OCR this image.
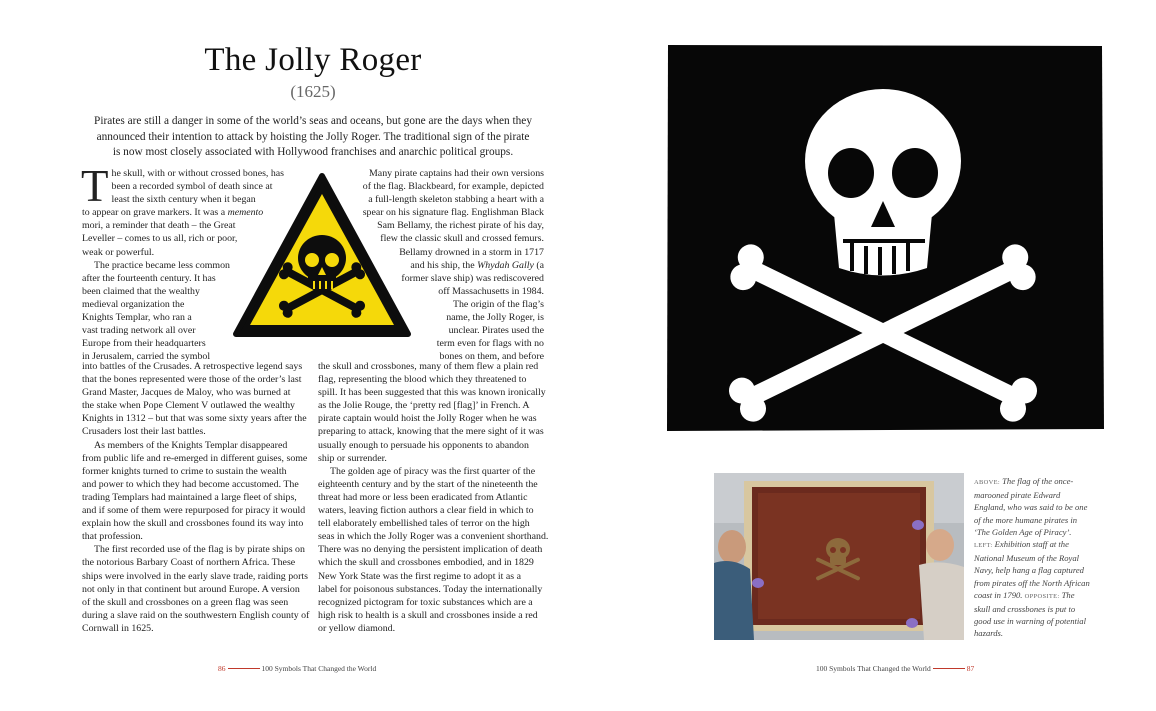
The Jolly Roger
(1625)
Pirates are still a danger in some of the world’s seas and oceans, but gone are the days when they
announced their intention to attack by hoisting the Jolly Roger. The traditional sign of the pirate
is now most closely associated with Hollywood franchises and anarchic political groups.

T he skull, with or without crossed bones, has
been a recorded symbol of death since at
least the sixth century when it began
to appear on grave markers. It was a memento
mori, a reminder that death – the Great
Leveller – comes to us all, rich or poor,
weak or powerful.

The practice became less common
after the fourteenth century. It has
been claimed that the wealthy
medieval organization the
Knights Templar, who ran a
vast trading network all over
Europe from their headquarters
in Jerusalem, carried the symbol
Many pirate captains had their own versions
of the flag. Blackbeard, for example, depicted
a full-length skeleton stabbing a heart with a
spear on his signature flag. Englishman Black
Sam Bellamy, the richest pirate of his day,
flew the classic skull and crossed femurs.
Bellamy drowned in a storm in 1717
and his ship, the Whydah Gally (a
former slave ship) was rediscovered
off Massachusetts in 1984.
The origin of the flag’s
name, the Jolly Roger, is
unclear. Pirates used the
term even for flags with no
bones on them, and before
into battles of the Crusades. A retrospective legend says
that the bones represented were those of the order’s last
Grand Master, Jacques de Maloy, who was burned at
the stake when Pope Clement V outlawed the wealthy
Knights in 1312 – but that was some sixty years after the
Crusaders lost their last battles.
As members of the Knights Templar disappeared
from public life and re-emerged in different guises, some
former knights turned to crime to sustain the wealth
and power to which they had become accustomed. The
trading Templars had maintained a large fleet of ships,
and if some of them were repurposed for piracy it would
explain how the skull and crossbones found its way into
that profession.
The first recorded use of the flag is by pirate ships on
the notorious Barbary Coast of northern Africa. These
ships were involved in the early slave trade, raiding ports
not only in that continent but around Europe. A version
of the skull and crossbones on a green flag was seen
during a slave raid on the southwestern English county of
Cornwall in 1625.
the skull and crossbones, many of them flew a plain red
flag, representing the blood which they threatened to
spill. It has been suggested that this was known ironically
as the Jolie Rouge, the ‘pretty red [flag]’ in French. A
pirate captain would hoist the Jolly Roger when he was
preparing to attack, knowing that the mere sight of it was
usually enough to persuade his opponents to abandon
ship or surrender.
The golden age of piracy was the first quarter of the
eighteenth century and by the start of the nineteenth the
threat had more or less been eradicated from Atlantic
waters, leaving fiction authors a clear field in which to
tell elaborately embellished tales of terror on the high
seas in which the Jolly Roger was a convenient shorthand.
There was no denying the persistent implication of death
which the skull and crossbones embodied, and in 1829
New York State was the first regime to adopt it as a
label for poisonous substances. Today the internationally
recognized pictogram for toxic substances which are a
high risk to health is a skull and crossbones inside a red
or yellow diamond.
86	100 Symbols That Changed the World
ABOVE: The flag of the once-marooned pirate Edward England, who was said to be one of the more humane pirates in ‘The Golden Age of Piracy’. LEFT: Exhibition staff at the National Museum of the Royal Navy, help hang a flag captured from pirates off the North African coast in 1790. OPPOSITE: The skull and crossbones is put to good use in warning of potential hazards.
100 Symbols That Changed the World	87
